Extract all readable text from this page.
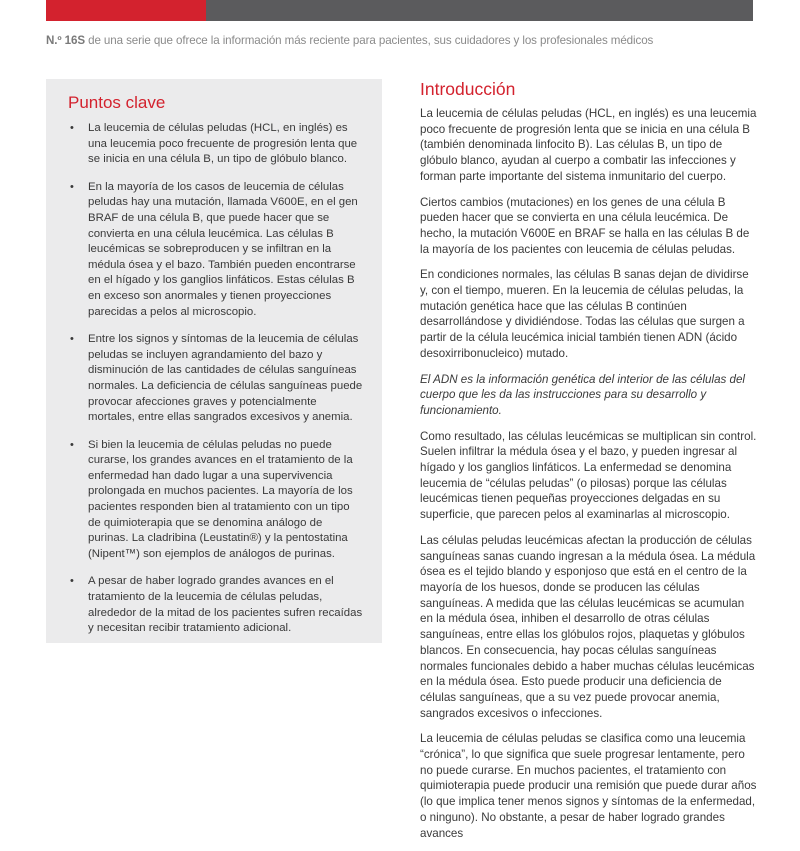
N.º 16S de una serie que ofrece la información más reciente para pacientes, sus cuidadores y los profesionales médicos
Puntos clave
• La leucemia de células peludas (HCL, en inglés) es una leucemia poco frecuente de progresión lenta que se inicia en una célula B, un tipo de glóbulo blanco.
• En la mayoría de los casos de leucemia de células peludas hay una mutación, llamada V600E, en el gen BRAF de una célula B, que puede hacer que se convierta en una célula leucémica. Las células B leucémicas se sobreproducen y se infiltran en la médula ósea y el bazo. También pueden encontrarse en el hígado y los ganglios linfáticos. Estas células B en exceso son anormales y tienen proyecciones parecidas a pelos al microscopio.
• Entre los signos y síntomas de la leucemia de células peludas se incluyen agrandamiento del bazo y disminución de las cantidades de células sanguíneas normales. La deficiencia de células sanguíneas puede provocar afecciones graves y potencialmente mortales, entre ellas sangrados excesivos y anemia.
• Si bien la leucemia de células peludas no puede curarse, los grandes avances en el tratamiento de la enfermedad han dado lugar a una supervivencia prolongada en muchos pacientes. La mayoría de los pacientes responden bien al tratamiento con un tipo de quimioterapia que se denomina análogo de purinas. La cladribina (Leustatin®) y la pentostatina (Nipent™) son ejemplos de análogos de purinas.
• A pesar de haber logrado grandes avances en el tratamiento de la leucemia de células peludas, alrededor de la mitad de los pacientes sufren recaídas y necesitan recibir tratamiento adicional.
Introducción

La leucemia de células peludas (HCL, en inglés) es una leucemia poco frecuente de progresión lenta que se inicia en una célula B (también denominada linfocito B). Las células B, un tipo de glóbulo blanco, ayudan al cuerpo a combatir las infecciones y forman parte importante del sistema inmunitario del cuerpo.

Ciertos cambios (mutaciones) en los genes de una célula B pueden hacer que se convierta en una célula leucémica. De hecho, la mutación V600E en BRAF se halla en las células B de la mayoría de los pacientes con leucemia de células peludas.

En condiciones normales, las células B sanas dejan de dividirse y, con el tiempo, mueren. En la leucemia de células peludas, la mutación genética hace que las células B continúen desarrollándose y dividiéndose. Todas las células que surgen a partir de la célula leucémica inicial también tienen ADN (ácido desoxirribonucleico) mutado.

El ADN es la información genética del interior de las células del cuerpo que les da las instrucciones para su desarrollo y funcionamiento.

Como resultado, las células leucémicas se multiplican sin control. Suelen infiltrar la médula ósea y el bazo, y pueden ingresar al hígado y los ganglios linfáticos. La enfermedad se denomina leucemia de “células peludas” (o pilosas) porque las células leucémicas tienen pequeñas proyecciones delgadas en su superficie, que parecen pelos al examinarlas al microscopio.

Las células peludas leucémicas afectan la producción de células sanguíneas sanas cuando ingresan a la médula ósea. La médula ósea es el tejido blando y esponjoso que está en el centro de la mayoría de los huesos, donde se producen las células sanguíneas. A medida que las células leucémicas se acumulan en la médula ósea, inhiben el desarrollo de otras células sanguíneas, entre ellas los glóbulos rojos, plaquetas y glóbulos blancos. En consecuencia, hay pocas células sanguíneas normales funcionales debido a haber muchas células leucémicas en la médula ósea. Esto puede producir una deficiencia de células sanguíneas, que a su vez puede provocar anemia, sangrados excesivos o infecciones.

La leucemia de células peludas se clasifica como una leucemia “crónica”, lo que significa que suele progresar lentamente, pero no puede curarse. En muchos pacientes, el tratamiento con quimioterapia puede producir una remisión que puede durar años (lo que implica tener menos signos y síntomas de la enfermedad, o ninguno). No obstante, a pesar de haber logrado grandes avances
